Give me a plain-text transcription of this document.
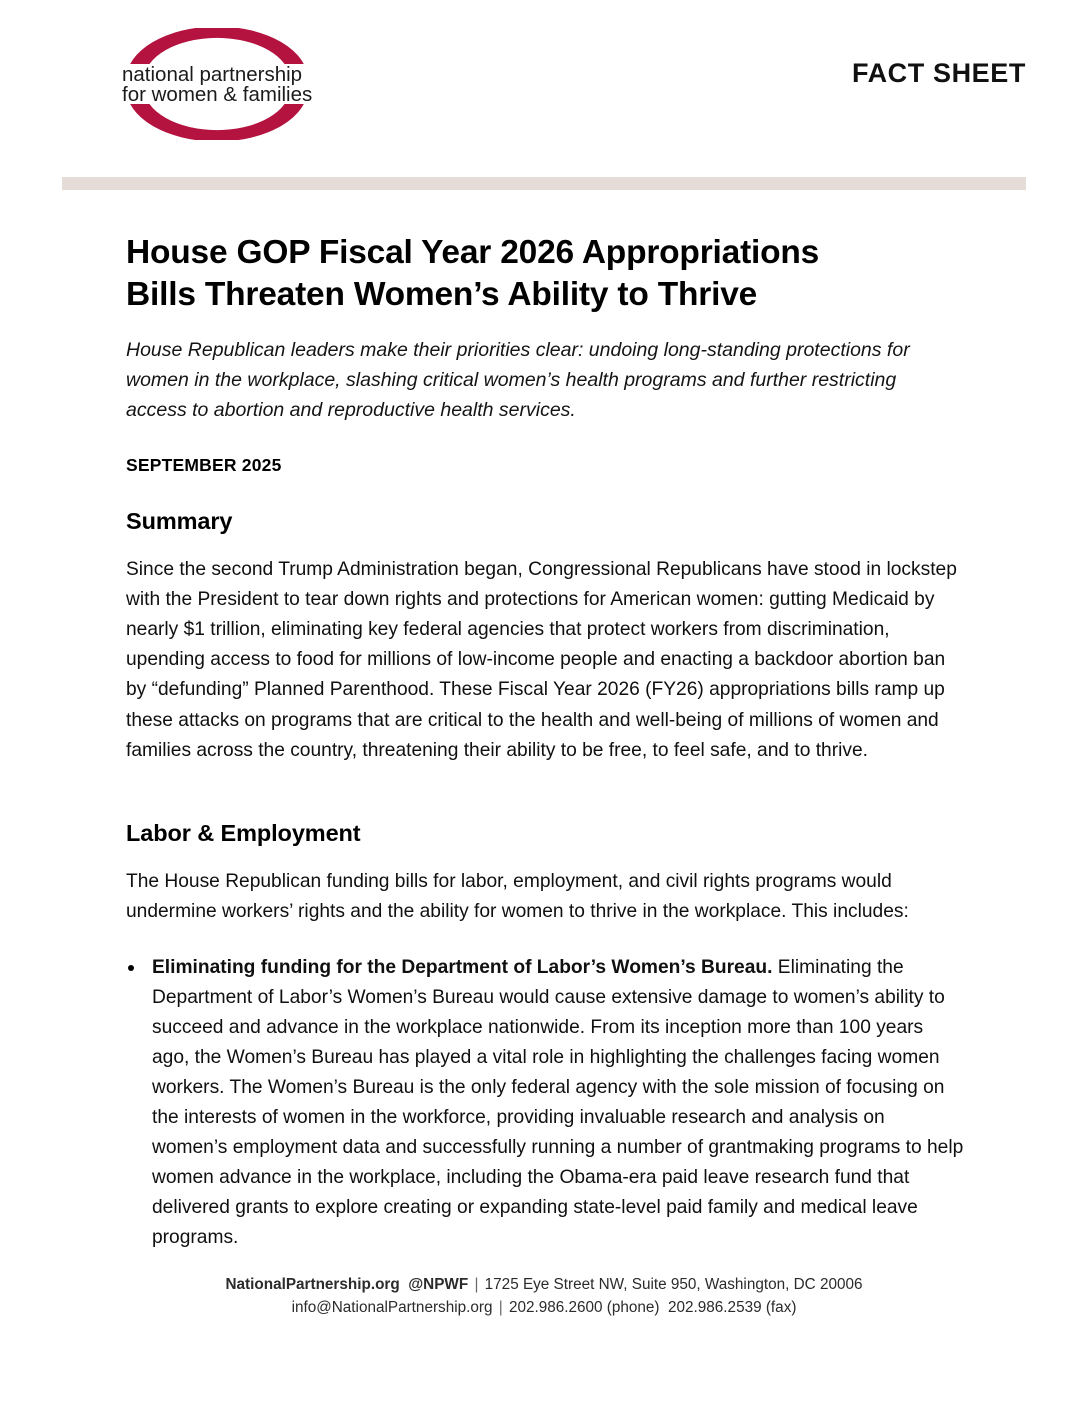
national partnership
for women & families
FACT SHEET
House GOP Fiscal Year 2026 Appropriations
Bills Threaten Women’s Ability to Thrive

House Republican leaders make their priorities clear: undoing long-standing protections for women in the workplace, slashing critical women’s health programs and further restricting access to abortion and reproductive health services.

SEPTEMBER 2025

Summary

Since the second Trump Administration began, Congressional Republicans have stood in lockstep with the President to tear down rights and protections for American women: gutting Medicaid by nearly $1 trillion, eliminating key federal agencies that protect workers from discrimination, upending access to food for millions of low-income people and enacting a backdoor abortion ban by “defunding” Planned Parenthood. These Fiscal Year 2026 (FY26) appropriations bills ramp up these attacks on programs that are critical to the health and well-being of millions of women and families across the country, threatening their ability to be free, to feel safe, and to thrive.

Labor & Employment

The House Republican funding bills for labor, employment, and civil rights programs would undermine workers’ rights and the ability for women to thrive in the workplace. This includes:

Eliminating funding for the Department of Labor’s Women’s Bureau. Eliminating the Department of Labor’s Women’s Bureau would cause extensive damage to women’s ability to succeed and advance in the workplace nationwide. From its inception more than 100 years ago, the Women’s Bureau has played a vital role in highlighting the challenges facing women workers. The Women’s Bureau is the only federal agency with the sole mission of focusing on the interests of women in the workforce, providing invaluable research and analysis on women’s employment data and successfully running a number of grantmaking programs to help women advance in the workplace, including the Obama-era paid leave research fund that delivered grants to explore creating or expanding state-level paid family and medical leave programs.
NationalPartnership.org @NPWF | 1725 Eye Street NW, Suite 950, Washington, DC 20006
info@NationalPartnership.org | 202.986.2600 (phone) 202.986.2539 (fax)
